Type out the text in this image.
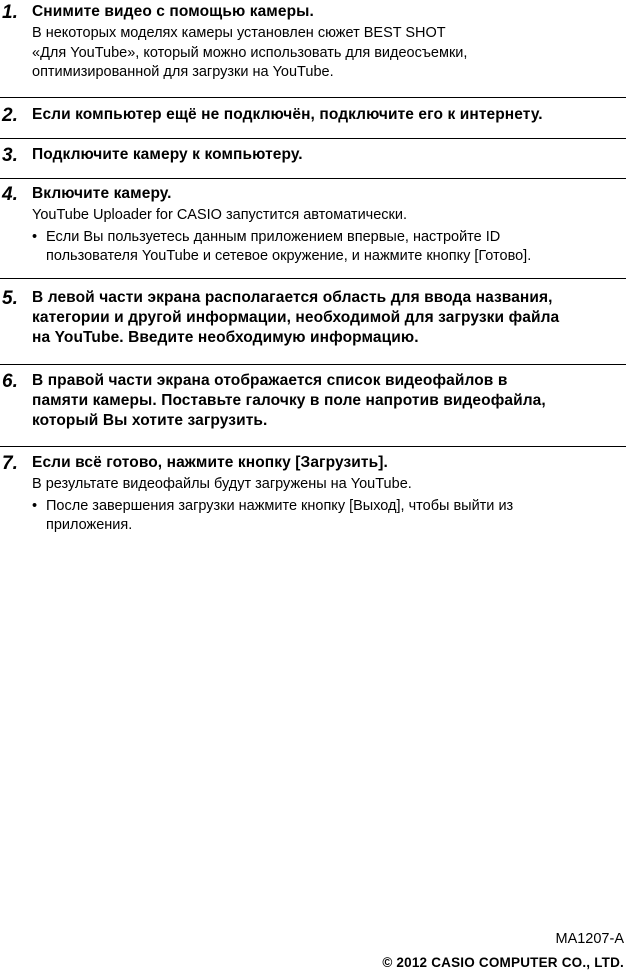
1. Снимите видео с помощью камеры.
В некоторых моделях камеры установлен сюжет BEST SHOT
«Для YouTube», который можно использовать для видеосъемки,
оптимизированной для загрузки на YouTube.
2. Если компьютер ещё не подключён, подключите его к интернету.
3. Подключите камеру к компьютеру.
4. Включите камеру.
YouTube Uploader for CASIO запустится автоматически.
• Если Вы пользуетесь данным приложением впервые, настройте ID
пользователя YouTube и сетевое окружение, и нажмите кнопку [Готово].
5. В левой части экрана располагается область для ввода названия,
категории и другой информации, необходимой для загрузки файла
на YouTube. Введите необходимую информацию.
6. В правой части экрана отображается список видеофайлов в
памяти камеры. Поставьте галочку в поле напротив видеофайла,
который Вы хотите загрузить.
7. Если всё готово, нажмите кнопку [Загрузить].
В результате видеофайлы будут загружены на YouTube.
• После завершения загрузки нажмите кнопку [Выход], чтобы выйти из
приложения.
MA1207-A
© 2012 CASIO COMPUTER CO., LTD.
